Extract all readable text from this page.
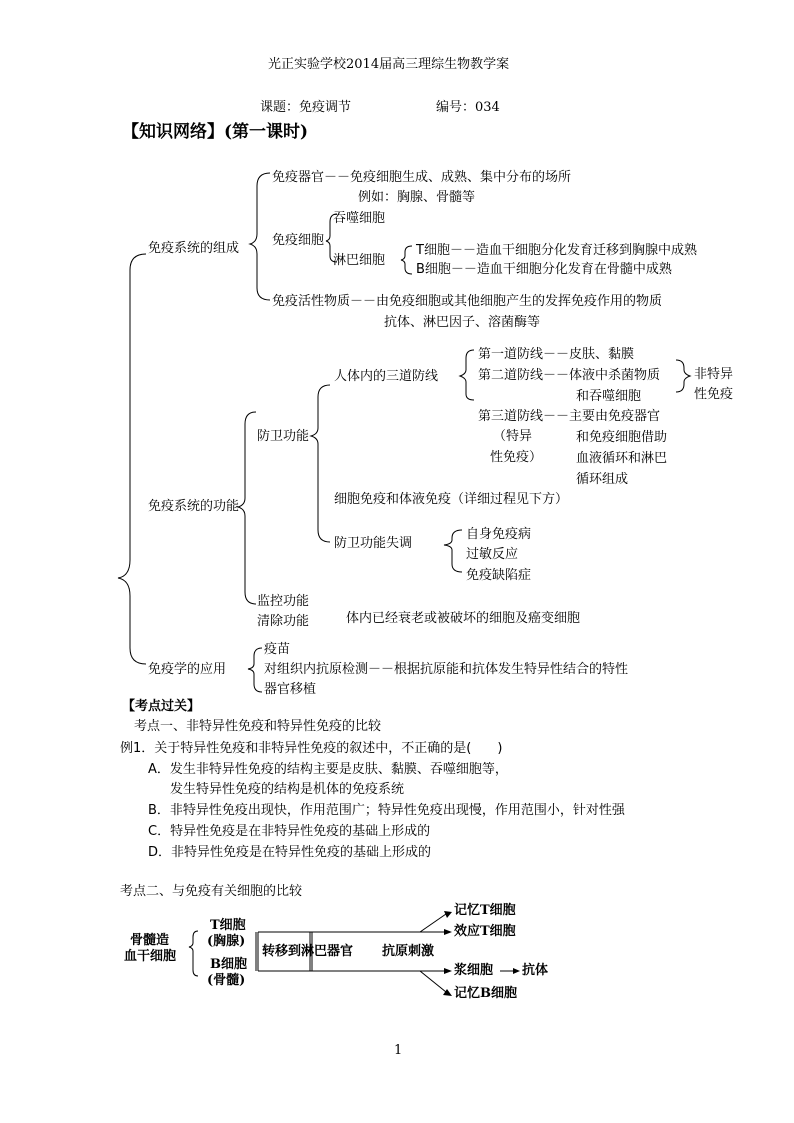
光正实验学校2014届高三理综生物教学案
课题：免疫调节	编号：034
【知识网络】(第一课时)
免疫系统的组成
免疫器官－－免疫细胞生成、成熟、集中分布的场所
例如：胸腺、骨髓等
免疫细胞
吞噬细胞
淋巴细胞
T细胞－－造血干细胞分化发育迁移到胸腺中成熟
B细胞－－造血干细胞分化发育在骨髓中成熟
免疫活性物质－－由免疫细胞或其他细胞产生的发挥免疫作用的物质
抗体、淋巴因子、溶菌酶等
免疫系统的功能
防卫功能
人体内的三道防线
第一道防线－－皮肤、黏膜
第二道防线－－体液中杀菌物质
和吞噬细胞
非特异
性免疫
第三道防线－－主要由免疫器官
（特异
性免疫）
和免疫细胞借助
血液循环和淋巴
循环组成
细胞免疫和体液免疫（详细过程见下方）
防卫功能失调
自身免疫病
过敏反应
免疫缺陷症
监控功能
清除功能	体内已经衰老或被破坏的细胞及癌变细胞
免疫学的应用
疫苗
对组织内抗原检测－－根据抗原能和抗体发生特异性结合的特性
器官移植
【考点过关】
考点一、非特异性免疫和特异性免疫的比较
例1．关于特异性免疫和非特异性免疫的叙述中，不正确的是(　　)
A．发生非特异性免疫的结构主要是皮肤、黏膜、吞噬细胞等，
发生特异性免疫的结构是机体的免疫系统
B．非特异性免疫出现快，作用范围广；特异性免疫出现慢，作用范围小，针对性强
C．特异性免疫是在非特异性免疫的基础上形成的
D．非特异性免疫是在特异性免疫的基础上形成的
考点二、与免疫有关细胞的比较
骨髓造
血干细胞
T细胞
(胸腺)
B细胞
(骨髓)
转移到淋巴器官 抗原刺激
记忆T细胞
效应T细胞
浆细胞 抗体
记忆B细胞
1
